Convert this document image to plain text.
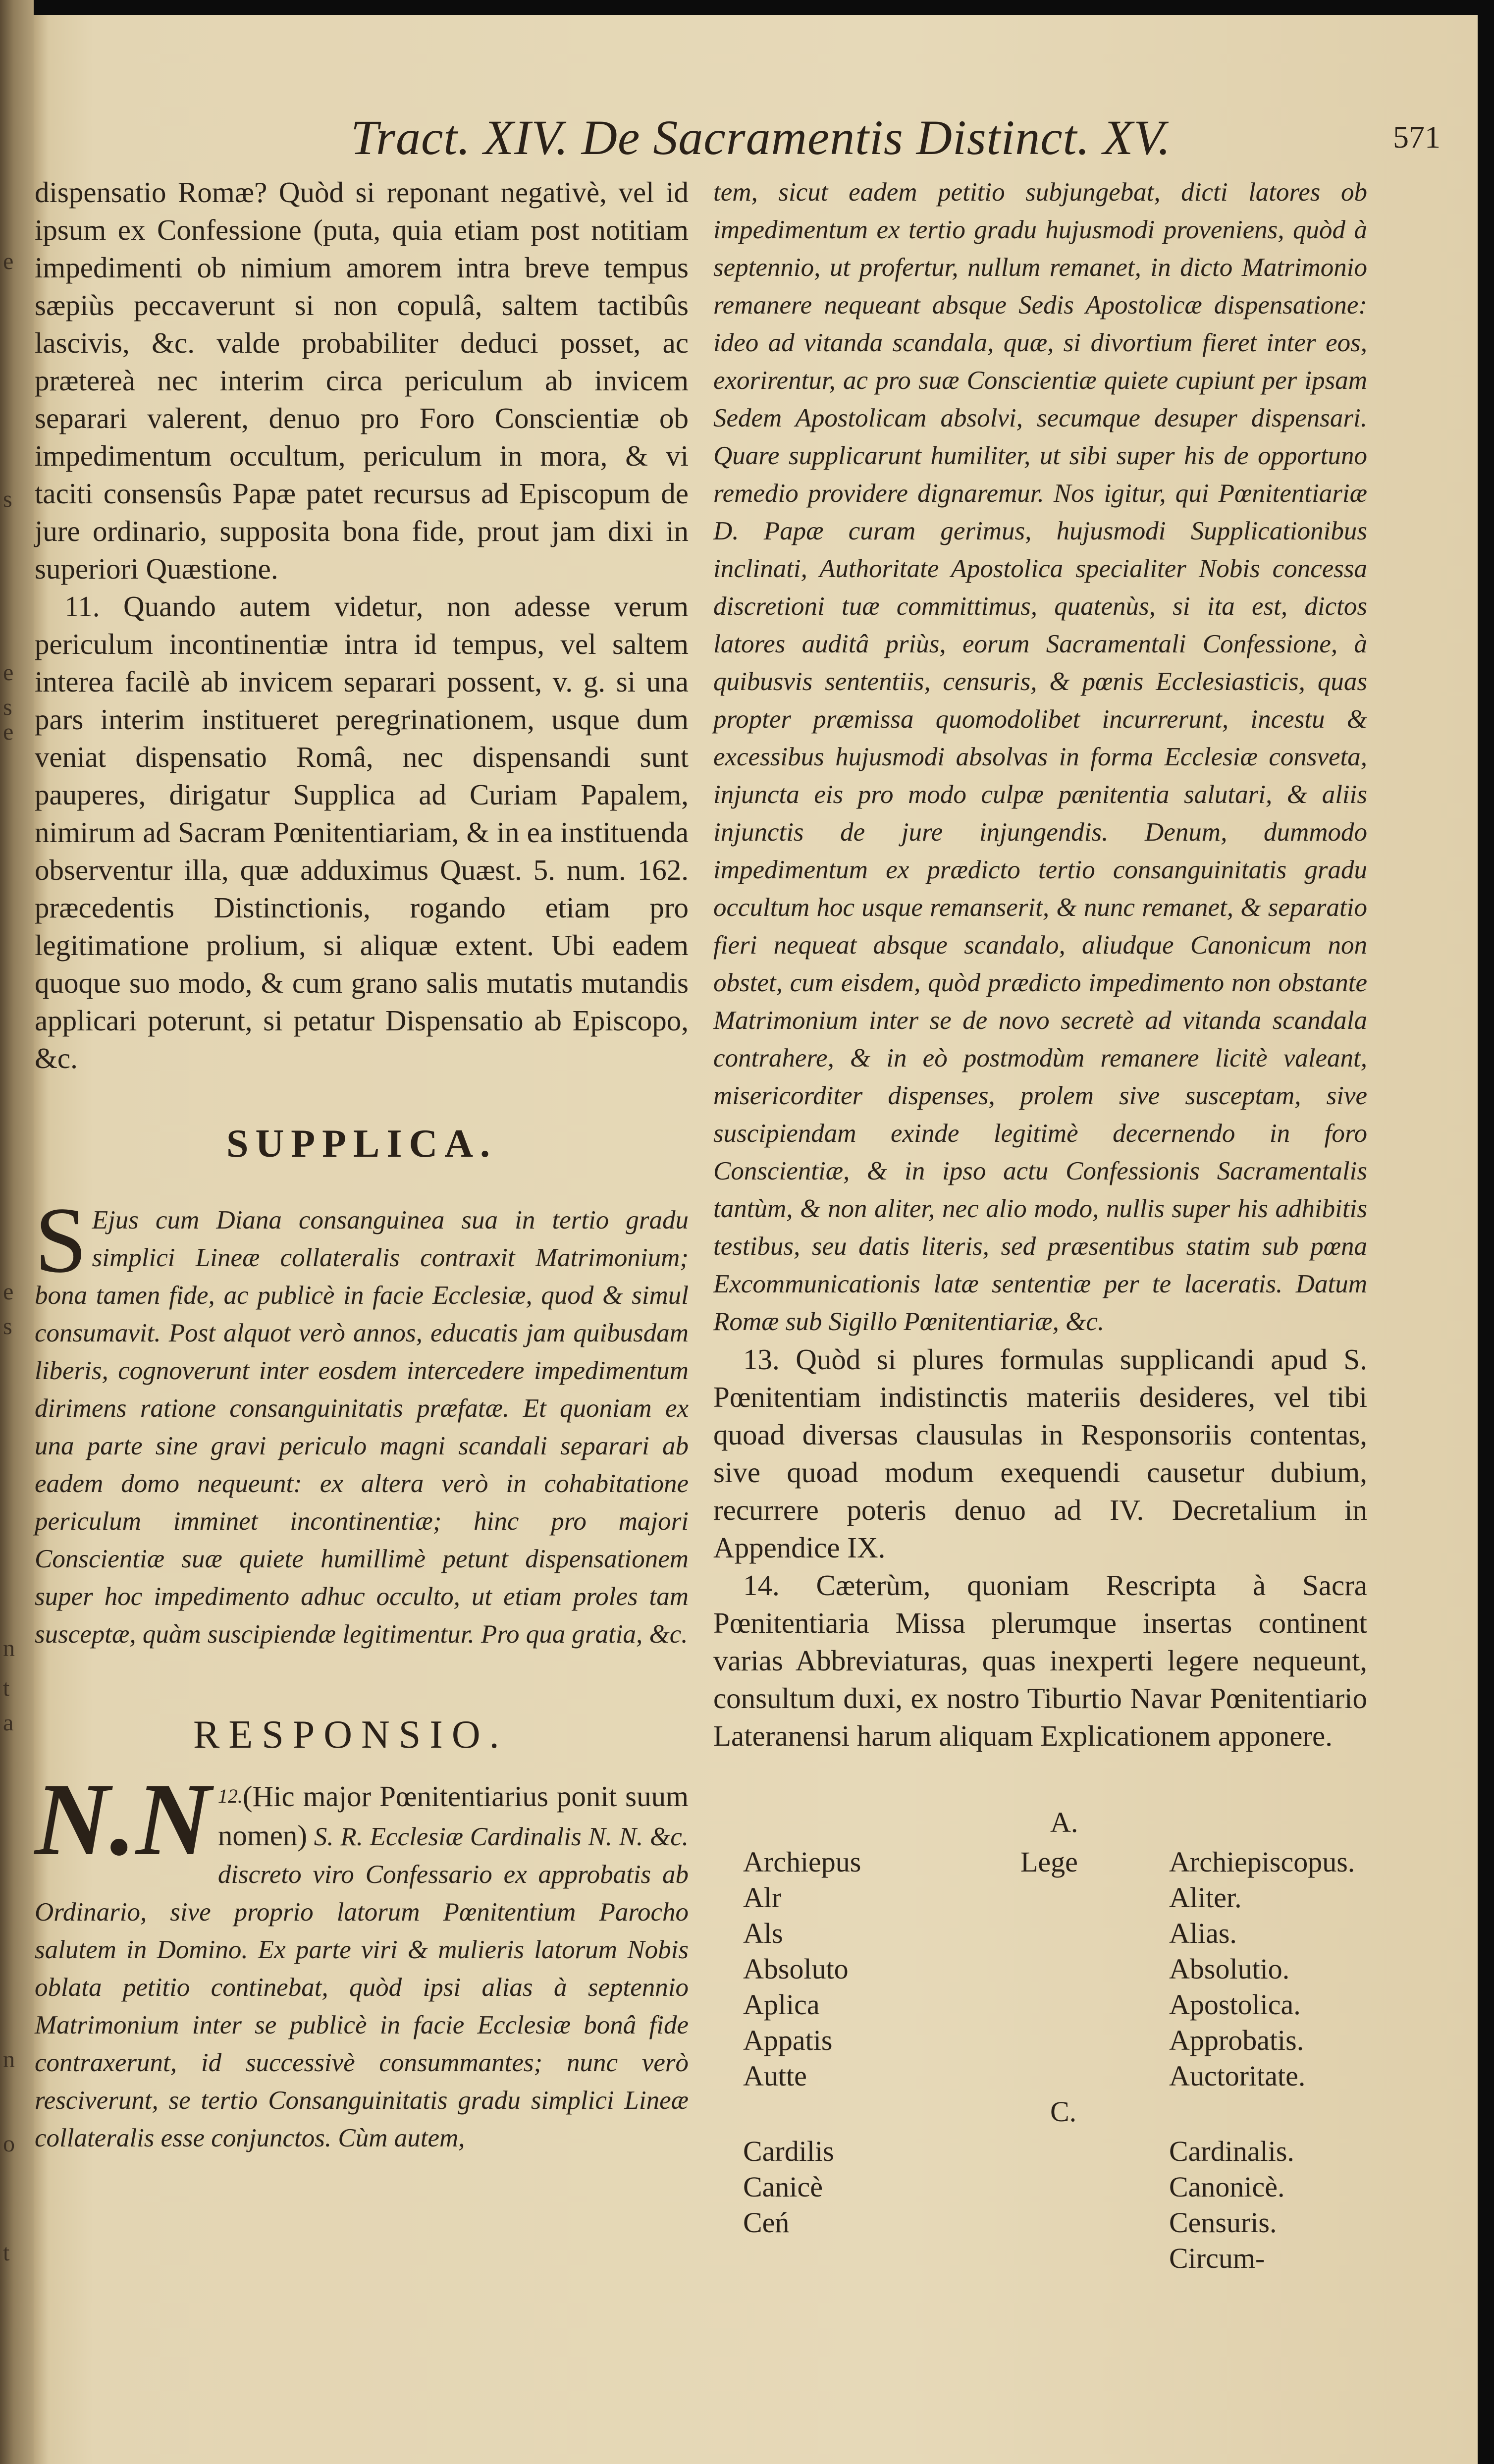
e
s
e
s
e
e
s
n
t
a
n
o
t
Tract. XIV. De Sacramentis Distinct. XV.	571

dispensatio Romæ? Quòd si reponant negativè, vel id ipsum ex Confessione (puta, quia etiam post notitiam impedimenti ob nimium amorem intra breve tempus sæpiùs peccaverunt si non copulâ, saltem tactibûs lascivis, &c. valde probabiliter deduci posset, ac prætereà nec interim circa periculum ab invicem separari valerent, denuo pro Foro Conscientiæ ob impedimentum occultum, periculum in mora, & vi taciti consensûs Papæ patet recursus ad Episcopum de jure ordinario, supposita bona fide, prout jam dixi in superiori Quæstione.

11. Quando autem videtur, non adesse verum periculum incontinentiæ intra id tempus, vel saltem interea facilè ab invicem separari possent, v. g. si una pars interim institueret peregrinationem, usque dum veniat dispensatio Româ, nec dispensandi sunt pauperes, dirigatur Supplica ad Curiam Papalem, nimirum ad Sacram Pœnitentiariam, & in ea instituenda observentur illa, quæ adduximus Quæst. 5. num. 162. præcedentis Distinctionis, rogando etiam pro legitimatione prolium, si aliquæ extent. Ubi eadem quoque suo modo, & cum grano salis mutatis mutandis applicari poterunt, si petatur Dispensatio ab Episcopo, &c.

SUPPLICA.

S Ejus cum Diana consanguinea sua in tertio gradu simplici Lineæ collateralis contraxit Matrimonium; bona tamen fide, ac publicè in facie Ecclesiæ, quod & simul consumavit. Post alquot verò annos, educatis jam quibusdam liberis, cognoverunt inter eosdem intercedere impedimentum dirimens ratione consanguinitatis præfatæ. Et quoniam ex una parte sine gravi periculo magni scandali separari ab eadem domo nequeunt: ex altera verò in cohabitatione periculum imminet incontinentiæ; hinc pro majori Conscientiæ suæ quiete humillimè petunt dispensationem super hoc impedimento adhuc occulto, ut etiam proles tam susceptæ, quàm suscipiendæ legitimentur. Pro qua gratia, &c.

RESPONSIO.

$^{12.}$
N.N (Hic major Pœnitentiarius ponit suum nomen) S. R. Ecclesiæ Cardinalis N. N. &c. discreto viro Confessario ex approbatis ab Ordinario, sive proprio latorum Pœnitentium Parocho salutem in Domino. Ex parte viri & mulieris latorum Nobis oblata petitio continebat, quòd ipsi alias à septennio Matrimonium inter se publicè in facie Ecclesiæ bonâ fide contraxerunt, id successivè consummantes; nunc verò resciverunt, se tertio Consanguinitatis gradu simplici Lineæ collateralis esse conjunctos. Cùm autem,

tem, sicut eadem petitio subjungebat, dicti latores ob impedimentum ex tertio gradu hujusmodi proveniens, quòd à septennio, ut profertur, nullum remanet, in dicto Matrimonio remanere nequeant absque Sedis Apostolicæ dispensatione: ideo ad vitanda scandala, quæ, si divortium fieret inter eos, exorirentur, ac pro suæ Conscientiæ quiete cupiunt per ipsam Sedem Apostolicam absolvi, secumque desuper dispensari. Quare supplicarunt humiliter, ut sibi super his de opportuno remedio providere dignaremur. Nos igitur, qui Pœnitentiariæ D. Papæ curam gerimus, hujusmodi Supplicationibus inclinati, Authoritate Apostolica specialiter Nobis concessa discretioni tuæ committimus, quatenùs, si ita est, dictos latores auditâ priùs, eorum Sacramentali Confessione, à quibusvis sententiis, censuris, & pœnis Ecclesiasticis, quas propter præmissa quomodolibet incurrerunt, incestu & excessibus hujusmodi absolvas in forma Ecclesiæ consveta, injuncta eis pro modo culpæ pænitentia salutari, & aliis injunctis de jure injungendis. Denum, dummodo impedimentum ex prædicto tertio consanguinitatis gradu occultum hoc usque remanserit, & nunc remanet, & separatio fieri nequeat absque scandalo, aliudque Canonicum non obstet, cum eisdem, quòd prædicto impedimento non obstante Matrimonium inter se de novo secretè ad vitanda scandala contrahere, & in eò postmodùm remanere licitè valeant, misericorditer dispenses, prolem sive susceptam, sive suscipiendam exinde legitimè decernendo in foro Conscientiæ, & in ipso actu Confessionis Sacramentalis tantùm, & non aliter, nec alio modo, nullis super his adhibitis testibus, seu datis literis, sed præsentibus statim sub pœna Excommunicationis latæ sententiæ per te laceratis. Datum Romæ sub Sigillo Pœnitentiariæ, &c.

13. Quòd si plures formulas supplicandi apud S. Pœnitentiam indistinctis materiis desideres, vel tibi quoad diversas clausulas in Responsoriis contentas, sive quoad modum exequendi causetur dubium, recurrere poteris denuo ad IV. Decretalium in Appendice IX.

14. Cæterùm, quoniam Rescripta à Sacra Pœnitentiaria Missa plerumque insertas continent varias Abbreviaturas, quas inexperti legere nequeunt, consultum duxi, ex nostro Tiburtio Navar Pœnitentiario Lateranensi harum aliquam Explicationem apponere.

A.
Archiepus	Lege	Archiepiscopus.
Alr	Aliter.
Als	Alias.
Absoluto	Absolutio.
Aplica	Apostolica.
Appatis	Approbatis.
Autte	Auctoritate.
C.
Cardilis	Cardinalis.
Canicè	Canonicè.
Ceń	Censuris.
Circum-
